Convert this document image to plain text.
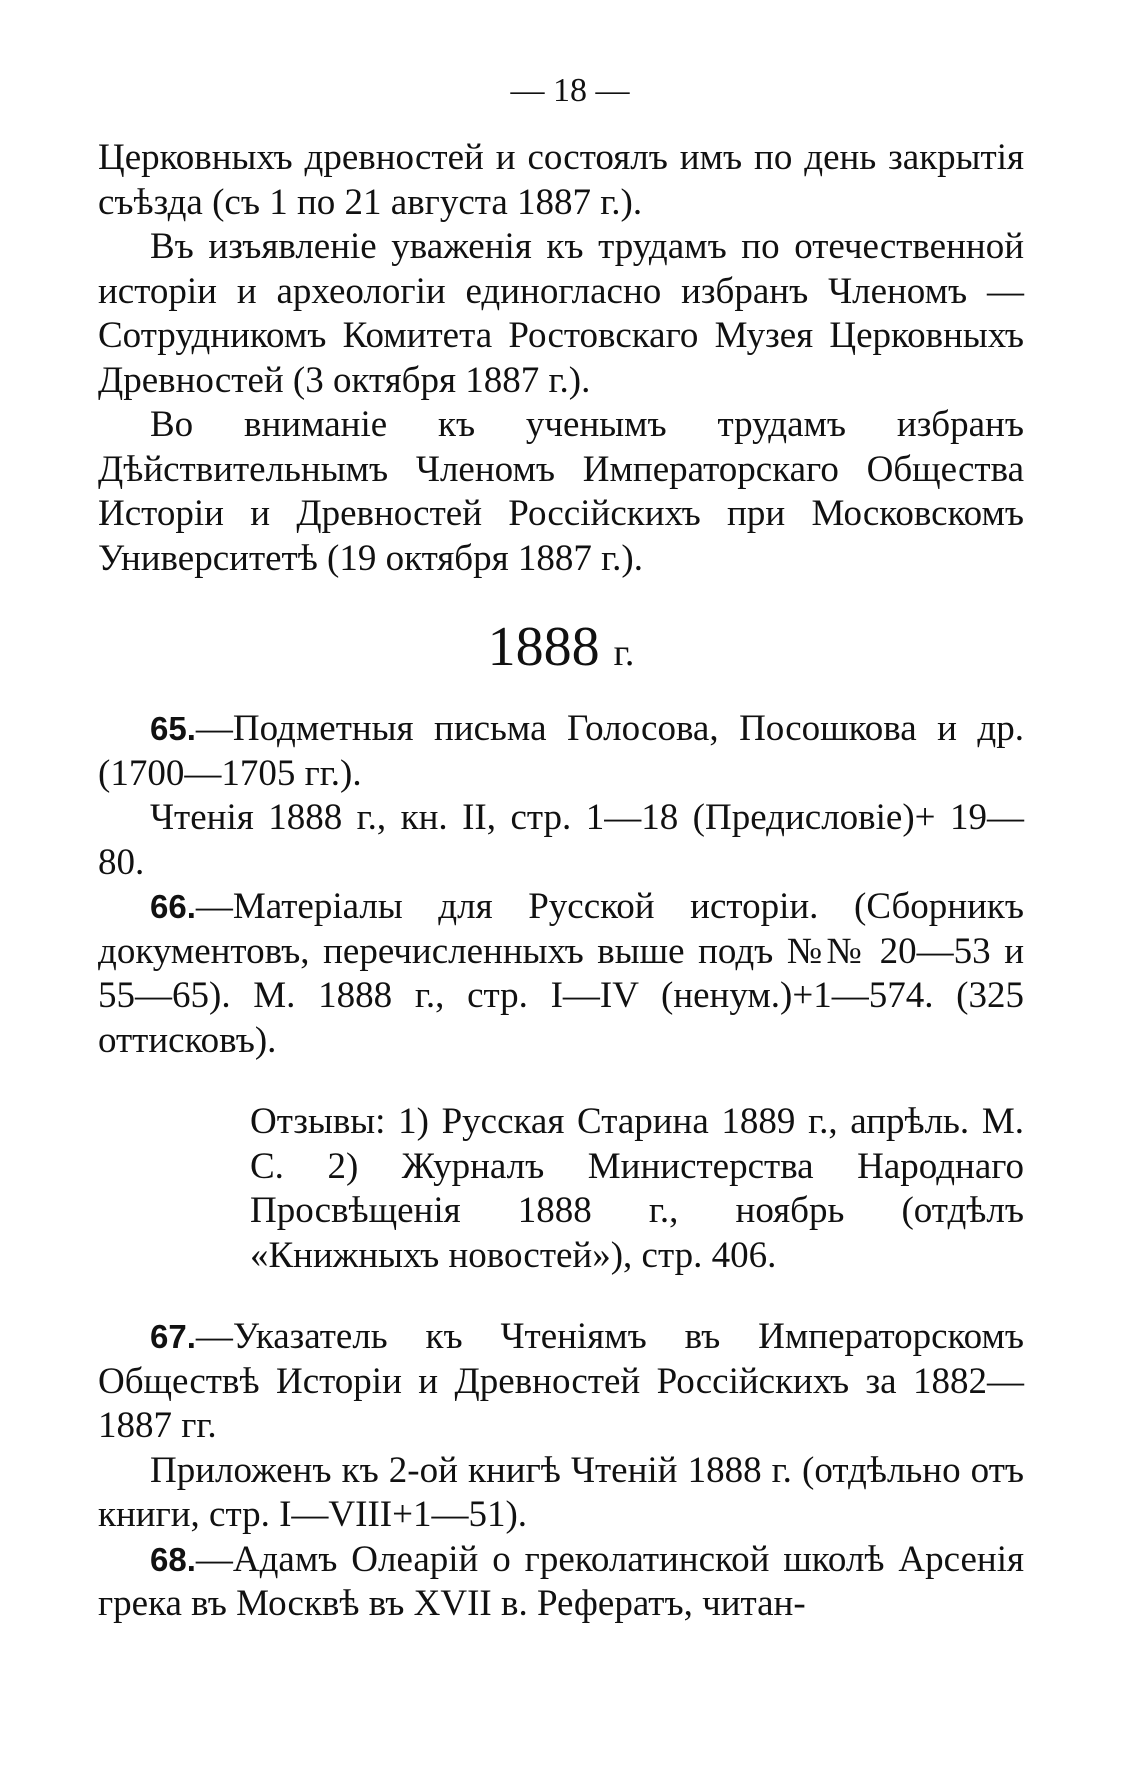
— 18 —

Церковныхъ древностей и состоялъ имъ по день закрытія съѣзда (съ 1 по 21 августа 1887 г.).

Въ изъявленіе уваженія къ трудамъ по отечественной исторіи и археологіи единогласно избранъ Членомъ — Сотрудникомъ Комитета Ростовскаго Музея Церковныхъ Древностей (3 октября 1887 г.).

Во вниманіе къ ученымъ трудамъ избранъ Дѣйствительнымъ Членомъ Императорскаго Общества Исторіи и Древностей Россійскихъ при Московскомъ Университетѣ (19 октября 1887 г.).

1888 г.

65.—Подметныя письма Голосова, Посошкова и др. (1700—1705 гг.).

Чтенія 1888 г., кн. II, стр. 1—18 (Предисловіе)+ 19—80.

66.—Матеріалы для Русской исторіи. (Сборникъ документовъ, перечисленныхъ выше подъ №№ 20—53 и 55—65). М. 1888 г., стр. I—IV (ненум.)+1—574. (325 оттисковъ).

Отзывы: 1) Русская Старина 1889 г., апрѣль. М. С. 2) Журналъ Министерства Народнаго Просвѣщенія 1888 г., ноябрь (отдѣлъ «Книжныхъ новостей»), стр. 406.

67.—Указатель къ Чтеніямъ въ Императорскомъ Обществѣ Исторіи и Древностей Россійскихъ за 1882—1887 гг.

Приложенъ къ 2-ой книгѣ Чтеній 1888 г. (отдѣльно отъ книги, стр. I—VIII+1—51).

68.—Адамъ Олеарій о греколатинской школѣ Арсенія грека въ Москвѣ въ XVII в. Рефератъ, читан-
